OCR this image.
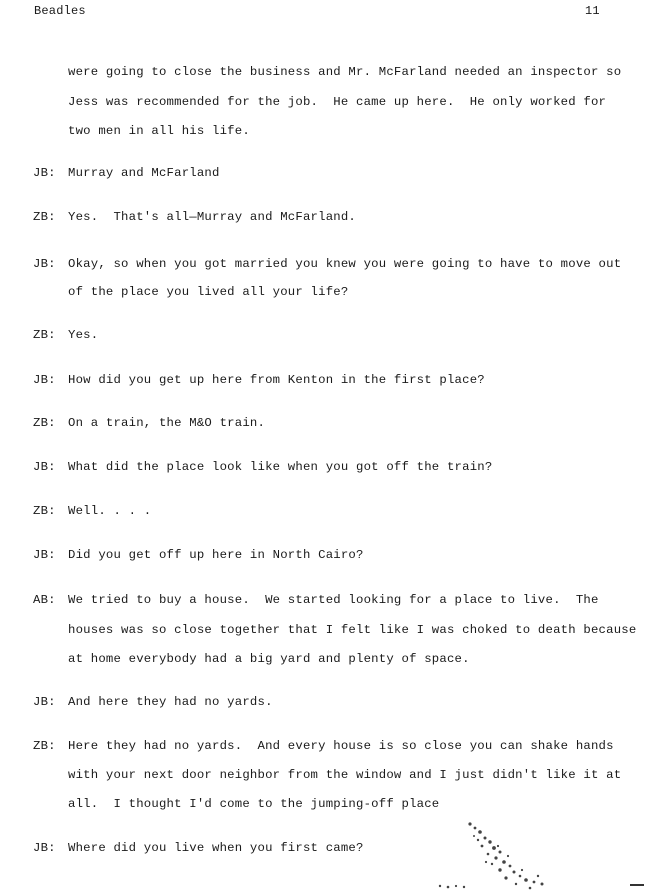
Beadles	11
were going to close the business and Mr. McFarland needed an inspector so
Jess was recommended for the job.  He came up here.  He only worked for
two men in all his life.
JB: Murray and McFarland
ZB: Yes.  That's all—Murray and McFarland.
JB: Okay, so when you got married you knew you were going to have to move out
of the place you lived all your life?
ZB: Yes.
JB: How did you get up here from Kenton in the first place?
ZB: On a train, the M&O train.
JB: What did the place look like when you got off the train?
ZB: Well. . . .
JB: Did you get off up here in North Cairo?
AB: We tried to buy a house.  We started looking for a place to live.  The
houses was so close together that I felt like I was choked to death because
at home everybody had a big yard and plenty of space.
JB: And here they had no yards.
ZB: Here they had no yards.  And every house is so close you can shake hands
with your next door neighbor from the window and I just didn't like it at
all.  I thought I'd come to the jumping-off place
JB: Where did you live when you first came?
